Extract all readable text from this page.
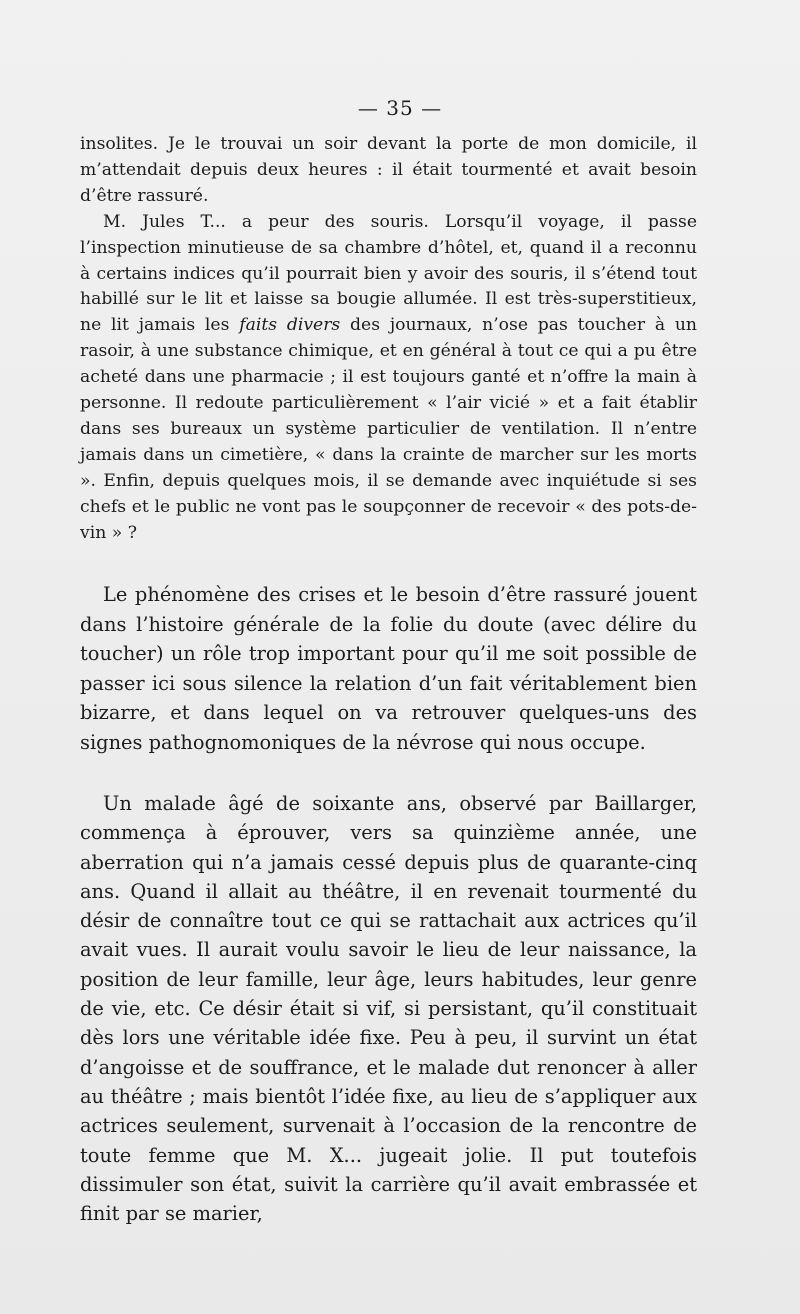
— 35 —

insolites. Je le trouvai un soir devant la porte de mon domicile, il m’attendait depuis deux heures : il était tourmenté et avait besoin d’être rassuré.

M. Jules T... a peur des souris. Lorsqu’il voyage, il passe l’inspection minutieuse de sa chambre d’hôtel, et, quand il a reconnu à certains indices qu’il pourrait bien y avoir des souris, il s’étend tout habillé sur le lit et laisse sa bougie allumée. Il est très-superstitieux, ne lit jamais les faits divers des journaux, n’ose pas toucher à un rasoir, à une substance chimique, et en général à tout ce qui a pu être acheté dans une pharmacie ; il est toujours ganté et n’offre la main à personne. Il redoute particulièrement « l’air vicié » et a fait établir dans ses bureaux un système particulier de ventilation. Il n’entre jamais dans un cimetière, « dans la crainte de marcher sur les morts ». Enfin, depuis quelques mois, il se demande avec inquiétude si ses chefs et le public ne vont pas le soupçonner de recevoir « des pots-de-vin » ?

Le phénomène des crises et le besoin d’être rassuré jouent dans l’histoire générale de la folie du doute (avec délire du toucher) un rôle trop important pour qu’il me soit possible de passer ici sous silence la relation d’un fait véritablement bien bizarre, et dans lequel on va retrouver quelques-uns des signes pathognomoniques de la névrose qui nous occupe.

Un malade âgé de soixante ans, observé par Baillarger, commença à éprouver, vers sa quinzième année, une aberration qui n’a jamais cessé depuis plus de quarante-cinq ans. Quand il allait au théâtre, il en revenait tourmenté du désir de connaître tout ce qui se rattachait aux actrices qu’il avait vues. Il aurait voulu savoir le lieu de leur naissance, la position de leur famille, leur âge, leurs habitudes, leur genre de vie, etc. Ce désir était si vif, si persistant, qu’il constituait dès lors une véritable idée fixe. Peu à peu, il survint un état d’angoisse et de souffrance, et le malade dut renoncer à aller au théâtre ; mais bientôt l’idée fixe, au lieu de s’appliquer aux actrices seulement, survenait à l’occasion de la rencontre de toute femme que M. X... jugeait jolie. Il put toutefois dissimuler son état, suivit la carrière qu’il avait embrassée et finit par se marier,
